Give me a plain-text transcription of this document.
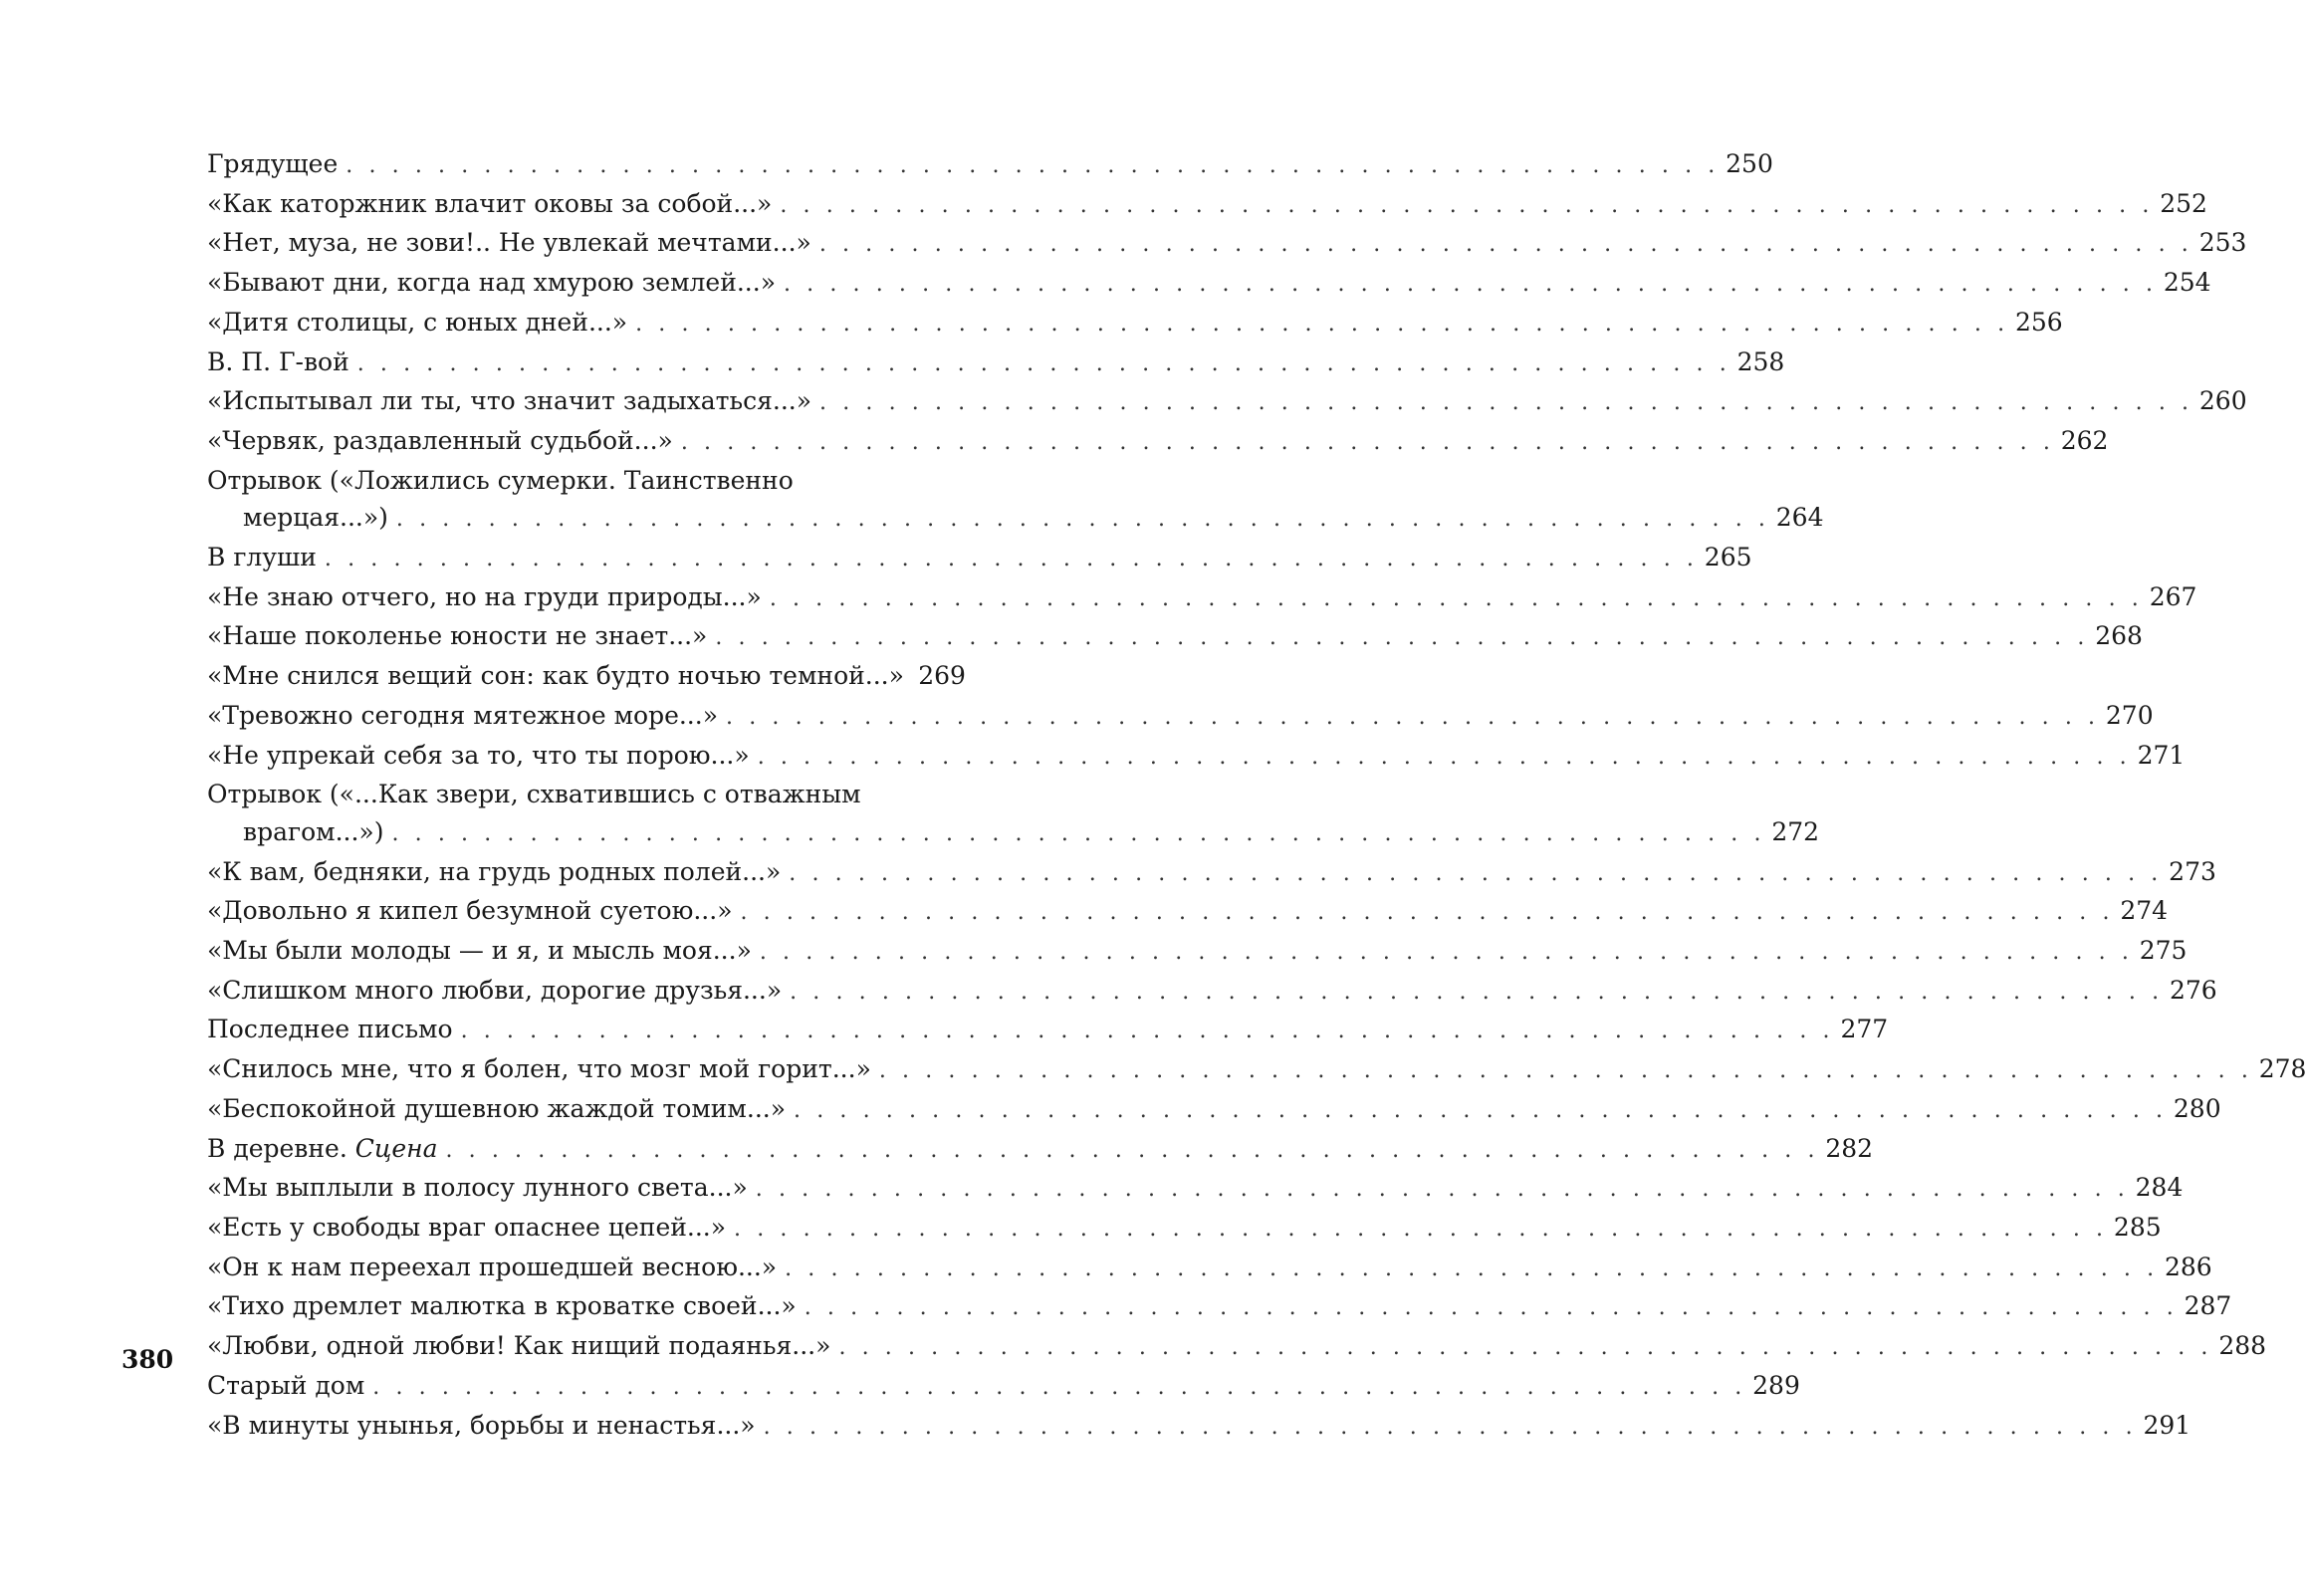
Грядущее . . . . . . . . . . . . . . . . . . . . . . . . . . . . . . . . . . . . . . . . . . . . . . . . . . . . . . . . . . . . 250
«Как каторжник влачит оковы за собой...» . . . . . . . . . . . . . . . . . . . . . . . . . . . . . . . . . . . . . . . . . . . . . . . . . . . . . . . . . . . . 252
«Нет, муза, не зови!.. Не увлекай мечтами...» . . . . . . . . . . . . . . . . . . . . . . . . . . . . . . . . . . . . . . . . . . . . . . . . . . . . . . . . . . . . 253
«Бывают дни, когда над хмурою землей...» . . . . . . . . . . . . . . . . . . . . . . . . . . . . . . . . . . . . . . . . . . . . . . . . . . . . . . . . . . . . 254
«Дитя столицы, с юных дней...» . . . . . . . . . . . . . . . . . . . . . . . . . . . . . . . . . . . . . . . . . . . . . . . . . . . . . . . . . . . . 256
В. П. Г-вой . . . . . . . . . . . . . . . . . . . . . . . . . . . . . . . . . . . . . . . . . . . . . . . . . . . . . . . . . . . . 258
«Испытывал ли ты, что значит задыхаться...» . . . . . . . . . . . . . . . . . . . . . . . . . . . . . . . . . . . . . . . . . . . . . . . . . . . . . . . . . . . . 260
«Червяк, раздавленный судьбой...» . . . . . . . . . . . . . . . . . . . . . . . . . . . . . . . . . . . . . . . . . . . . . . . . . . . . . . . . . . . . 262
Отрывок («Ложились сумерки. Таинственно
мерцая...») . . . . . . . . . . . . . . . . . . . . . . . . . . . . . . . . . . . . . . . . . . . . . . . . . . . . . . . . . . . . 264
В глуши . . . . . . . . . . . . . . . . . . . . . . . . . . . . . . . . . . . . . . . . . . . . . . . . . . . . . . . . . . . . 265
«Не знаю отчего, но на груди природы...» . . . . . . . . . . . . . . . . . . . . . . . . . . . . . . . . . . . . . . . . . . . . . . . . . . . . . . . . . . . . 267
«Наше поколенье юности не знает...» . . . . . . . . . . . . . . . . . . . . . . . . . . . . . . . . . . . . . . . . . . . . . . . . . . . . . . . . . . . . 268
«Мне снился вещий сон: как будто ночью темной...» 269
«Тревожно сегодня мятежное море...» . . . . . . . . . . . . . . . . . . . . . . . . . . . . . . . . . . . . . . . . . . . . . . . . . . . . . . . . . . . . 270
«Не упрекай себя за то, что ты порою...» . . . . . . . . . . . . . . . . . . . . . . . . . . . . . . . . . . . . . . . . . . . . . . . . . . . . . . . . . . . . 271
Отрывок («...Как звери, схватившись с отважным
врагом...») . . . . . . . . . . . . . . . . . . . . . . . . . . . . . . . . . . . . . . . . . . . . . . . . . . . . . . . . . . . . 272
«К вам, бедняки, на грудь родных полей...» . . . . . . . . . . . . . . . . . . . . . . . . . . . . . . . . . . . . . . . . . . . . . . . . . . . . . . . . . . . . 273
«Довольно я кипел безумной суетою...» . . . . . . . . . . . . . . . . . . . . . . . . . . . . . . . . . . . . . . . . . . . . . . . . . . . . . . . . . . . . 274
«Мы были молоды — и я, и мысль моя...» . . . . . . . . . . . . . . . . . . . . . . . . . . . . . . . . . . . . . . . . . . . . . . . . . . . . . . . . . . . . 275
«Слишком много любви, дорогие друзья...» . . . . . . . . . . . . . . . . . . . . . . . . . . . . . . . . . . . . . . . . . . . . . . . . . . . . . . . . . . . . 276
Последнее письмо . . . . . . . . . . . . . . . . . . . . . . . . . . . . . . . . . . . . . . . . . . . . . . . . . . . . . . . . . . . . 277
«Снилось мне, что я болен, что мозг мой горит...» . . . . . . . . . . . . . . . . . . . . . . . . . . . . . . . . . . . . . . . . . . . . . . . . . . . . . . . . . . . . 278
«Беспокойной душевною жаждой томим...» . . . . . . . . . . . . . . . . . . . . . . . . . . . . . . . . . . . . . . . . . . . . . . . . . . . . . . . . . . . . 280
В деревне.
Сцена . . . . . . . . . . . . . . . . . . . . . . . . . . . . . . . . . . . . . . . . . . . . . . . . . . . . . . . . . . . . 282
«Мы выплыли в полосу лунного света...» . . . . . . . . . . . . . . . . . . . . . . . . . . . . . . . . . . . . . . . . . . . . . . . . . . . . . . . . . . . . 284
«Есть у свободы враг опаснее цепей...» . . . . . . . . . . . . . . . . . . . . . . . . . . . . . . . . . . . . . . . . . . . . . . . . . . . . . . . . . . . . 285
«Он к нам переехал прошедшей весною...» . . . . . . . . . . . . . . . . . . . . . . . . . . . . . . . . . . . . . . . . . . . . . . . . . . . . . . . . . . . . 286
«Тихо дремлет малютка в кроватке своей...» . . . . . . . . . . . . . . . . . . . . . . . . . . . . . . . . . . . . . . . . . . . . . . . . . . . . . . . . . . . . 287
«Любви, одной любви! Как нищий подаянья...» . . . . . . . . . . . . . . . . . . . . . . . . . . . . . . . . . . . . . . . . . . . . . . . . . . . . . . . . . . . . 288
Старый дом . . . . . . . . . . . . . . . . . . . . . . . . . . . . . . . . . . . . . . . . . . . . . . . . . . . . . . . . . . . . 289
«В минуты унынья, борьбы и ненастья...» . . . . . . . . . . . . . . . . . . . . . . . . . . . . . . . . . . . . . . . . . . . . . . . . . . . . . . . . . . . . 291
380
